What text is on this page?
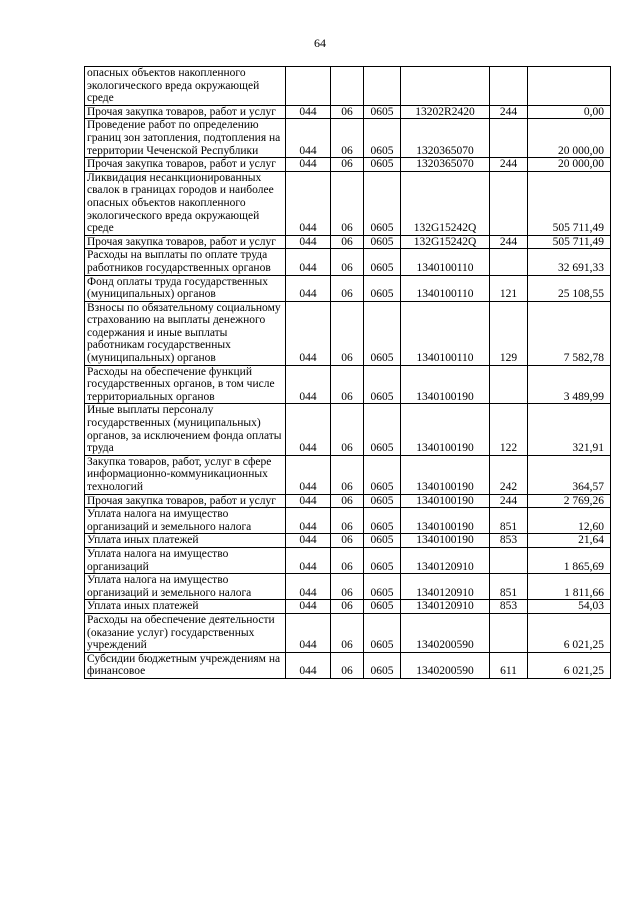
64
опасных объектов накопленного экологического вреда окружающей среде						
Прочая закупка товаров, работ и услуг	044	06	0605	13202R2420	244	0,00
Проведение работ по определению границ зон затопления, подтопления на территории Чеченской Республики	044	06	0605	1320365070		20 000,00
Прочая закупка товаров, работ и услуг	044	06	0605	1320365070	244	20 000,00
Ликвидация несанкционированных свалок в границах городов и наиболее опасных объектов накопленного экологического вреда окружающей среде	044	06	0605	132G15242Q		505 711,49
Прочая закупка товаров, работ и услуг	044	06	0605	132G15242Q	244	505 711,49
Расходы на выплаты по оплате труда работников государственных органов	044	06	0605	1340100110		32 691,33
Фонд оплаты труда государственных (муниципальных) органов	044	06	0605	1340100110	121	25 108,55
Взносы по обязательному социальному страхованию на выплаты денежного содержания и иные выплаты работникам государственных (муниципальных) органов	044	06	0605	1340100110	129	7 582,78
Расходы на обеспечение функций государственных органов, в том числе территориальных органов	044	06	0605	1340100190		3 489,99
Иные выплаты персоналу государственных (муниципальных) органов, за исключением фонда оплаты труда	044	06	0605	1340100190	122	321,91
Закупка товаров, работ, услуг в сфере информационно-коммуникационных технологий	044	06	0605	1340100190	242	364,57
Прочая закупка товаров, работ и услуг	044	06	0605	1340100190	244	2 769,26
Уплата налога на имущество организаций и земельного налога	044	06	0605	1340100190	851	12,60
Уплата иных платежей	044	06	0605	1340100190	853	21,64
Уплата налога на имущество организаций	044	06	0605	1340120910		1 865,69
Уплата налога на имущество организаций и земельного налога	044	06	0605	1340120910	851	1 811,66
Уплата иных платежей	044	06	0605	1340120910	853	54,03
Расходы на обеспечение деятельности (оказание услуг) государственных учреждений	044	06	0605	1340200590		6 021,25
Субсидии бюджетным учреждениям на финансовое	044	06	0605	1340200590	611	6 021,25
